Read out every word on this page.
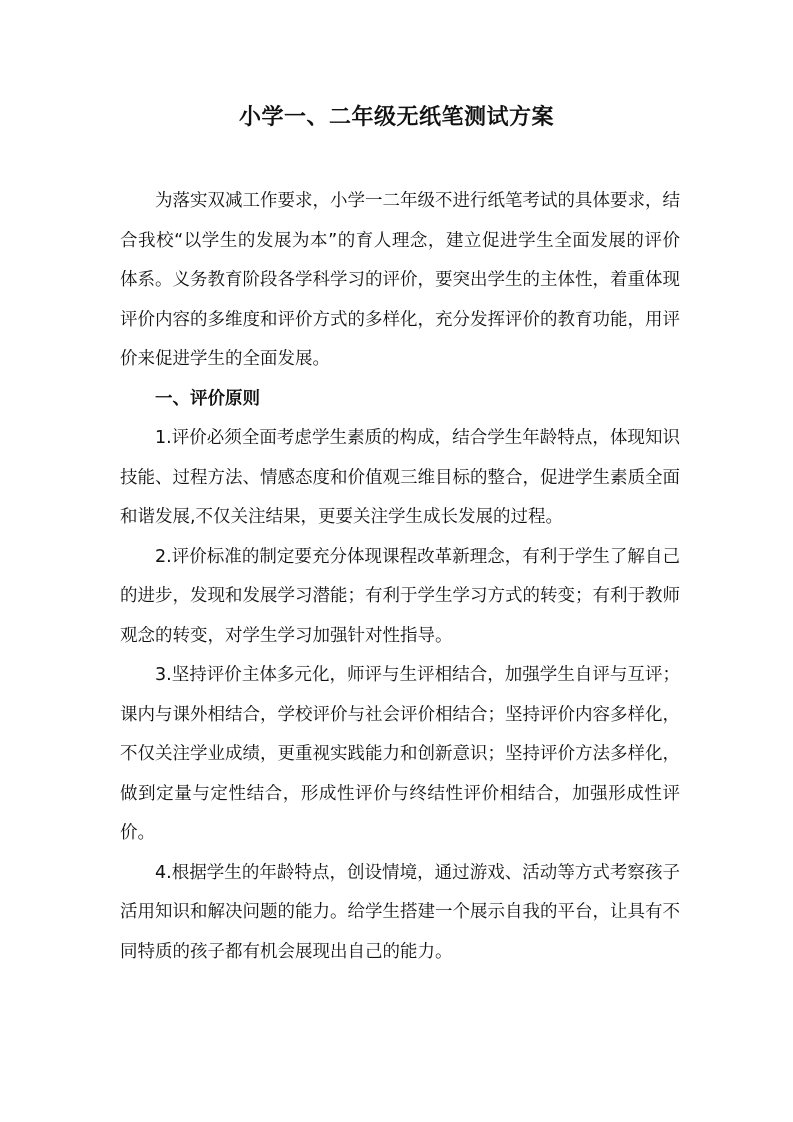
小学一、二年级无纸笔测试方案

为落实双减工作要求，小学一二年级不进行纸笔考试的具体要求，结合我校“以学生的发展为本”的育人理念，建立促进学生全面发展的评价体系。义务教育阶段各学科学习的评价，要突出学生的主体性，着重体现评价内容的多维度和评价方式的多样化，充分发挥评价的教育功能，用评价来促进学生的全面发展。

一、评价原则

1.评价必须全面考虑学生素质的构成，结合学生年龄特点，体现知识技能、过程方法、情感态度和价值观三维目标的整合，促进学生素质全面和谐发展,不仅关注结果，更要关注学生成长发展的过程。

2.评价标准的制定要充分体现课程改革新理念，有利于学生了解自己的进步，发现和发展学习潜能；有利于学生学习方式的转变；有利于教师观念的转变，对学生学习加强针对性指导。

3.坚持评价主体多元化，师评与生评相结合，加强学生自评与互评；课内与课外相结合，学校评价与社会评价相结合；坚持评价内容多样化，不仅关注学业成绩，更重视实践能力和创新意识；坚持评价方法多样化，做到定量与定性结合，形成性评价与终结性评价相结合，加强形成性评价。

4.根据学生的年龄特点，创设情境，通过游戏、活动等方式考察孩子活用知识和解决问题的能力。给学生搭建一个展示自我的平台，让具有不同特质的孩子都有机会展现出自己的能力。
